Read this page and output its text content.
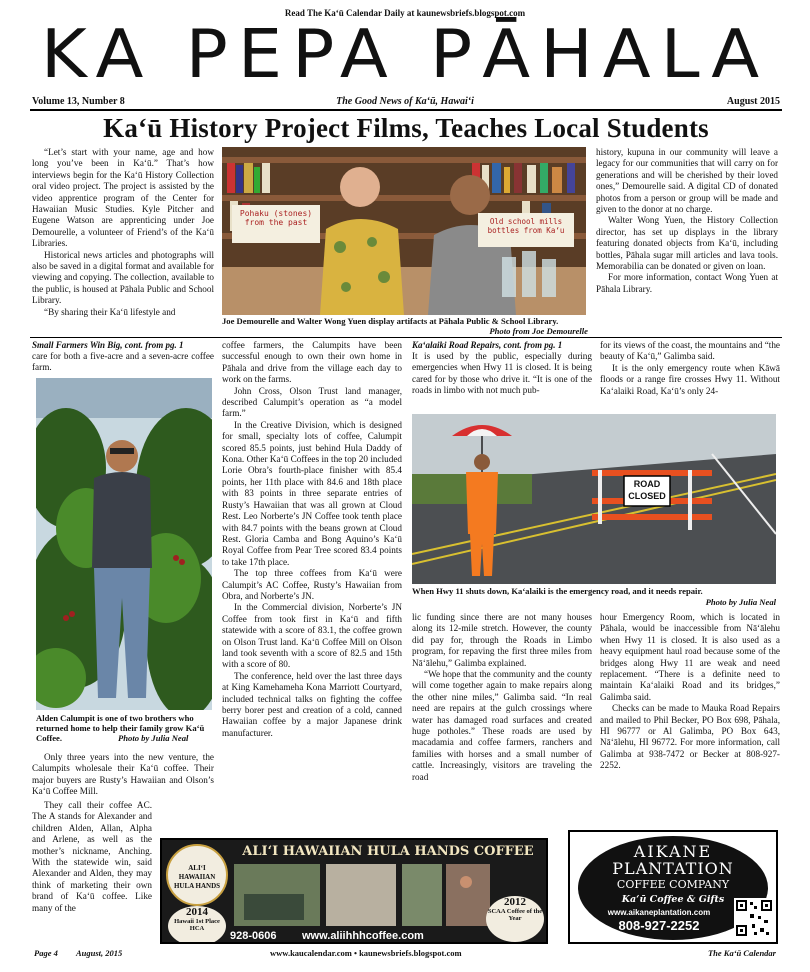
Read The Ka‘ū Calendar Daily at kaunewsbriefs.blogspot.com
KA PEPA PĀHALA
Volume 13, Number 8	The Good News of Ka‘ū, Hawai‘i	August 2015
Ka‘ū History Project Films, Teaches Local Students

“Let’s start with your name, age and how long you’ve been in Ka‘ū.” That’s how interviews begin for the Ka‘ū History Collection oral video project. The project is assisted by the video apprentice program of the Center for Hawaiian Music Studies. Kyle Pitcher and Eugene Watson are apprenticing under Joe Demourelle, a volunteer of Friend’s of the Ka‘ū Libraries.

Historical news articles and photographs will also be saved in a digital format and available for viewing and copying. The collection, available to the public, is housed at Pāhala Public and School Library.

“By sharing their Ka‘ū lifestyle and

Pohaku (stones) from the past	Old school mills bottles from Ka‘u
Joe Demourelle and Walter Wong Yuen display artifacts at Pāhala Public & School Library.
Photo from Joe Demourelle

history, kupuna in our community will leave a legacy for our communities that will carry on for generations and will be cherished by their loved ones,” Demourelle said. A digital CD of donated photos from a person or group will be made and given to the donor at no charge.

Walter Wong Yuen, the History Collection director, has set up displays in the library featuring donated objects from Ka‘ū, including bottles, Pāhala sugar mill articles and lava tools. Memorabilia can be donated or given on loan.

For more information, contact Wong Yuen at Pāhala Library.

Small Farmers Win Big, cont. from pg. 1

care for both a five-acre and a seven-acre coffee farm.

Alden Calumpit is one of two brothers who returned home to help their family grow Ka‘ū Coffee.	Photo by Julia Neal

Only three years into the new venture, the Calumpits wholesale their Ka‘ū coffee. Their major buyers are Rusty’s Hawaiian and Olson’s Ka‘ū Coffee Mill.

They call their coffee AC. The A stands for Alexander and children Alden, Allan, Alpha and Arlene, as well as the mother’s nickname, Anching. With the statewide win, said Alexander and Alden, they may think of marketing their own brand of Ka‘ū coffee. Like many of the

coffee farmers, the Calumpits have been successful enough to own their own home in Pāhala and drive from the village each day to work on the farms.

John Cross, Olson Trust land manager, described Calumpit’s operation as “a model farm.”

In the Creative Division, which is designed for small, specialty lots of coffee, Calumpit scored 85.5 points, just behind Hula Daddy of Kona. Other Ka‘ū Coffees in the top 20 included Lorie Obra’s fourth-place finisher with 85.4 points, her 11th place with 84.6 and 18th place with 83 points in three separate entries of Rusty’s Hawaiian that was all grown at Cloud Rest. Leo Norberte’s JN Coffee took tenth place with 84.7 points with the beans grown at Cloud Rest. Gloria Camba and Bong Aquino’s Ka‘ū Royal Coffee from Pear Tree scored 83.4 points to take 17th place.

The top three coffees from Ka‘ū were Calumpit’s AC Coffee, Rusty’s Hawaiian from Obra, and Norberte’s JN.

In the Commercial division, Norberte’s JN Coffee from took first in Ka‘ū and fifth statewide with a score of 83.1, the coffee grown on Olson Trust land. Ka‘ū Coffee Mill on Olson land took seventh with a score of 82.5 and 15th with a score of 80.

The conference, held over the last three days at King Kamehameha Kona Marriott Courtyard, included technical talks on fighting the coffee berry borer pest and creation of a cold, canned Hawaiian coffee by a major Japanese drink manufacturer.

Ka‘alaiki Road Repairs, cont. from pg. 1

It is used by the public, especially during emergencies when Hwy 11 is closed. It is being cared for by those who drive it. “It is one of the roads in limbo with not much pub-

for its views of the coast, the mountains and “the beauty of Ka‘ū,” Galimba said.

It is the only emergency route when Kāwā floods or a range fire crosses Hwy 11. Without Ka‘alaiki Road, Ka‘ū’s only 24-

ROAD CLOSED
When Hwy 11 shuts down, Ka‘alaiki is the emergency road, and it needs repair.
Photo by Julia Neal

lic funding since there are not many houses along its 12-mile stretch. However, the county did pay for, through the Roads in Limbo program, for repaving the first three miles from Nā‘ālehu,” Galimba explained.

“We hope that the community and the county will come together again to make repairs along the other nine miles,” Galimba said. “In real need are repairs at the gulch crossings where water has damaged road surfaces and created huge potholes.” These roads are used by macadamia and coffee farmers, ranchers and families with horses and a small number of cattle. Increasingly, visitors are traveling the road

hour Emergency Room, which is located in Pāhala, would be inaccessible from Nā‘ālehu when Hwy 11 is closed. It is also used as a heavy equipment haul road because some of the bridges along Hwy 11 are weak and need replacement. “There is a definite need to maintain Ka‘alaiki Road and its bridges,” Galimba said.

Checks can be made to Mauka Road Repairs and mailed to Phil Becker, PO Box 698, Pāhala, HI 96777 or Al Galimba, PO Box 643, Nā‘ālehu, HI 96772. For more information, call Galimba at 938-7472 or Becker at 808-927-2252.

ALI‘I HAWAIIAN HULA HANDS COFFEE
ALI‘I HAWAIIAN HULA HANDS
2014
Hawaii 1st Place HCA
2012
SCAA Coffee of the Year
928-0606 www.aliihhhcoffee.com
AIKANE
PLANTATION
COFFEE COMPANY
Ka‘ū Coffee & Gifts
www.aikaneplantation.com
808-927-2252
Page 4 August, 2015	www.kaucalendar.com • kaunewsbriefs.blogspot.com	The Ka‘ū Calendar
